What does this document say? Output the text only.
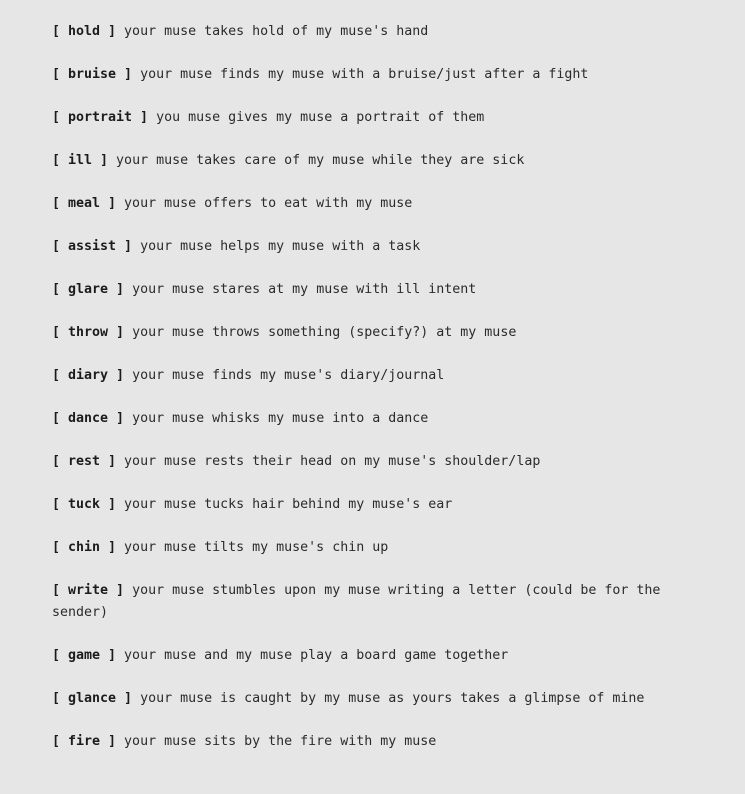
[ hold ] your muse takes hold of my muse's hand

[ bruise ] your muse finds my muse with a bruise/just after a fight

[ portrait ] you muse gives my muse a portrait of them

[ ill ] your muse takes care of my muse while they are sick

[ meal ] your muse offers to eat with my muse

[ assist ] your muse helps my muse with a task

[ glare ] your muse stares at my muse with ill intent

[ throw ] your muse throws something (specify?) at my muse

[ diary ] your muse finds my muse's diary/journal

[ dance ] your muse whisks my muse into a dance

[ rest ] your muse rests their head on my muse's shoulder/lap

[ tuck ] your muse tucks hair behind my muse's ear

[ chin ] your muse tilts my muse's chin up

[ write ] your muse stumbles upon my muse writing a letter (could be for the sender)

[ game ] your muse and my muse play a board game together

[ glance ] your muse is caught by my muse as yours takes a glimpse of mine

[ fire ] your muse sits by the fire with my muse
